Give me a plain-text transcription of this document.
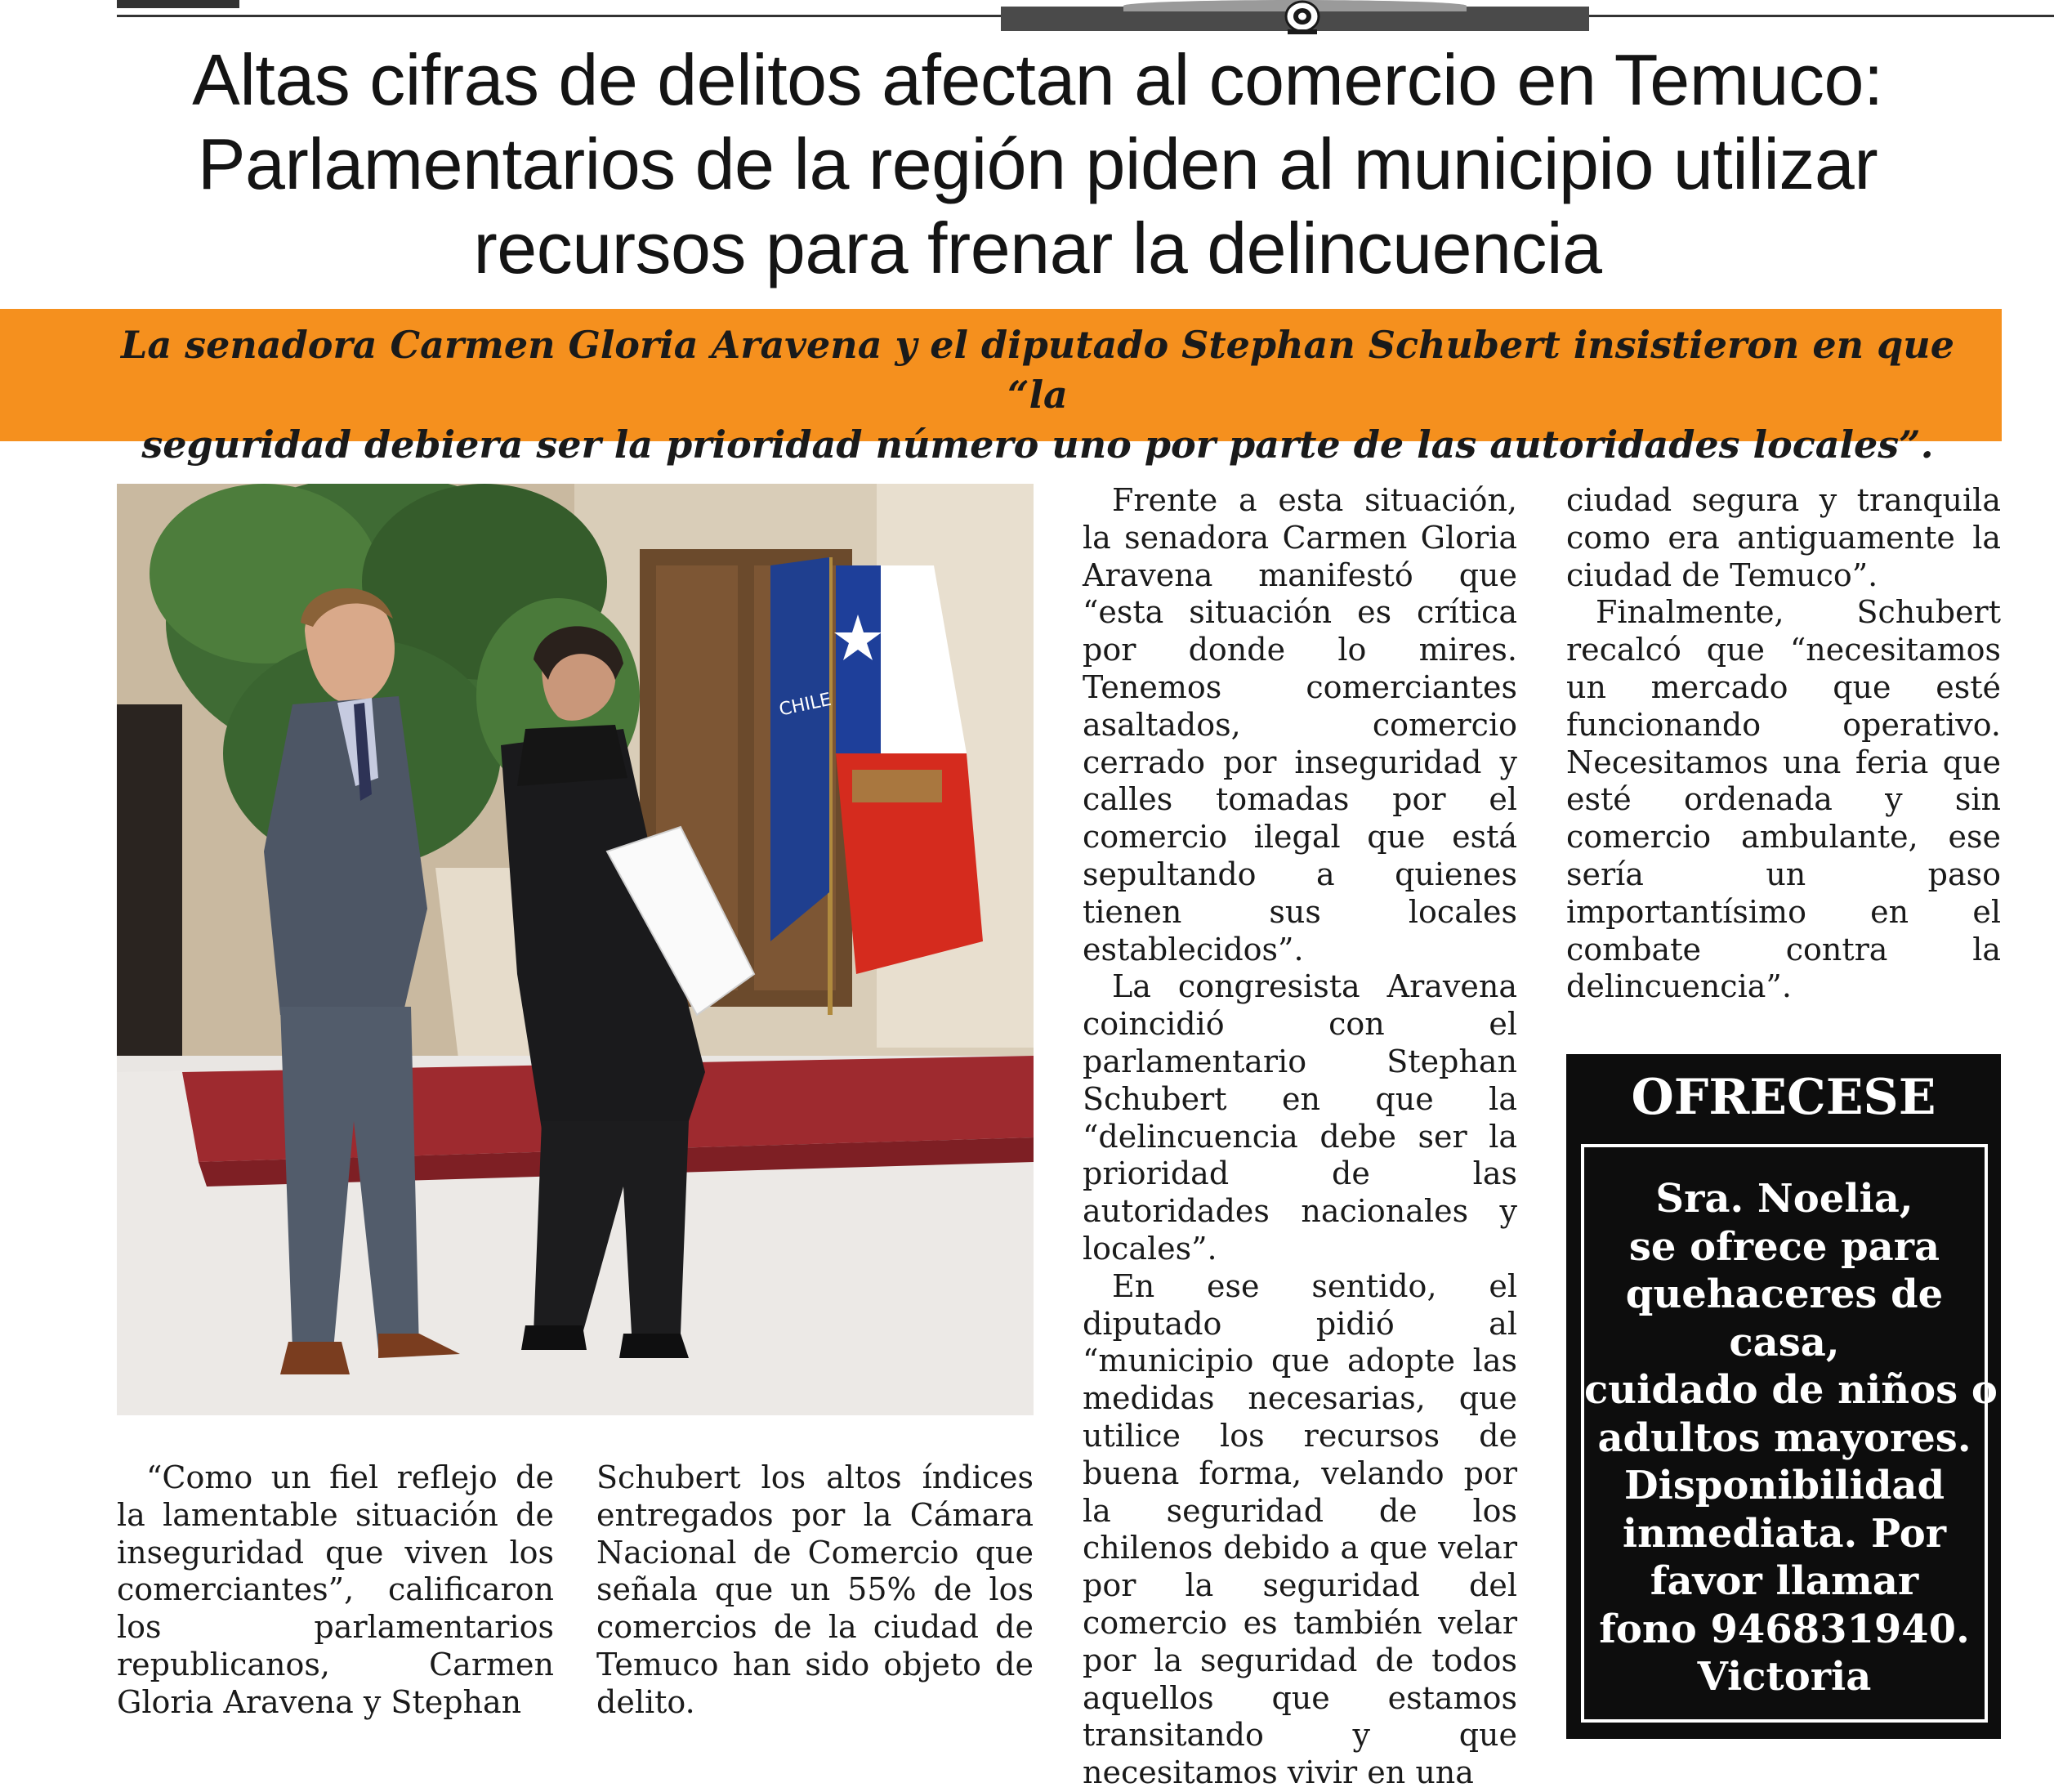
Altas cifras de delitos afectan al comercio en Temuco:
Parlamentarios de la región piden al municipio utilizar
recursos para frenar la delincuencia

La senadora Carmen Gloria Aravena y el diputado Stephan Schubert insistieron en que “la
seguridad debiera ser la prioridad número uno por parte de las autoridades locales”.

CHILE

“Como un fiel reflejo de la lamentable situación de inseguridad que viven los comerciantes”, calificaron los parlamentarios republicanos, Carmen Gloria Aravena y Stephan

Schubert los altos índices entregados por la Cámara Nacional de Comercio que señala que un 55% de los comercios de la ciudad de Temuco han sido objeto de delito.

Frente a esta situación, la senadora Carmen Gloria Aravena manifestó que “esta situación es crítica por donde lo mires. Tenemos comerciantes asaltados, comercio cerrado por inseguridad y calles tomadas por el comercio ilegal que está sepultando a quienes tienen sus locales establecidos”.

La congresista Aravena coincidió con el parlamentario Stephan Schubert en que la “delincuencia debe ser la prioridad de las autoridades nacionales y locales”.

En ese sentido, el diputado pidió al “municipio que adopte las medidas necesarias, que utilice los recursos de buena forma, velando por la seguridad de los chilenos debido a que velar por la seguridad del comercio es también velar por la seguridad de todos aquellos que estamos transitando y que necesitamos vivir en una

ciudad segura y tranquila como era antiguamente la ciudad de Temuco”.

Finalmente, Schubert recalcó que “necesitamos un mercado que esté funcionando operativo. Necesitamos una feria que esté ordenada y sin comercio ambulante, ese sería un paso importantísimo en el combate contra la delincuencia”.

OFRECESE
Sra. Noelia,
se ofrece para
quehaceres de
casa,
cuidado de niños o
adultos mayores.
Disponibilidad
inmediata. Por
favor llamar
fono 946831940.
Victoria
